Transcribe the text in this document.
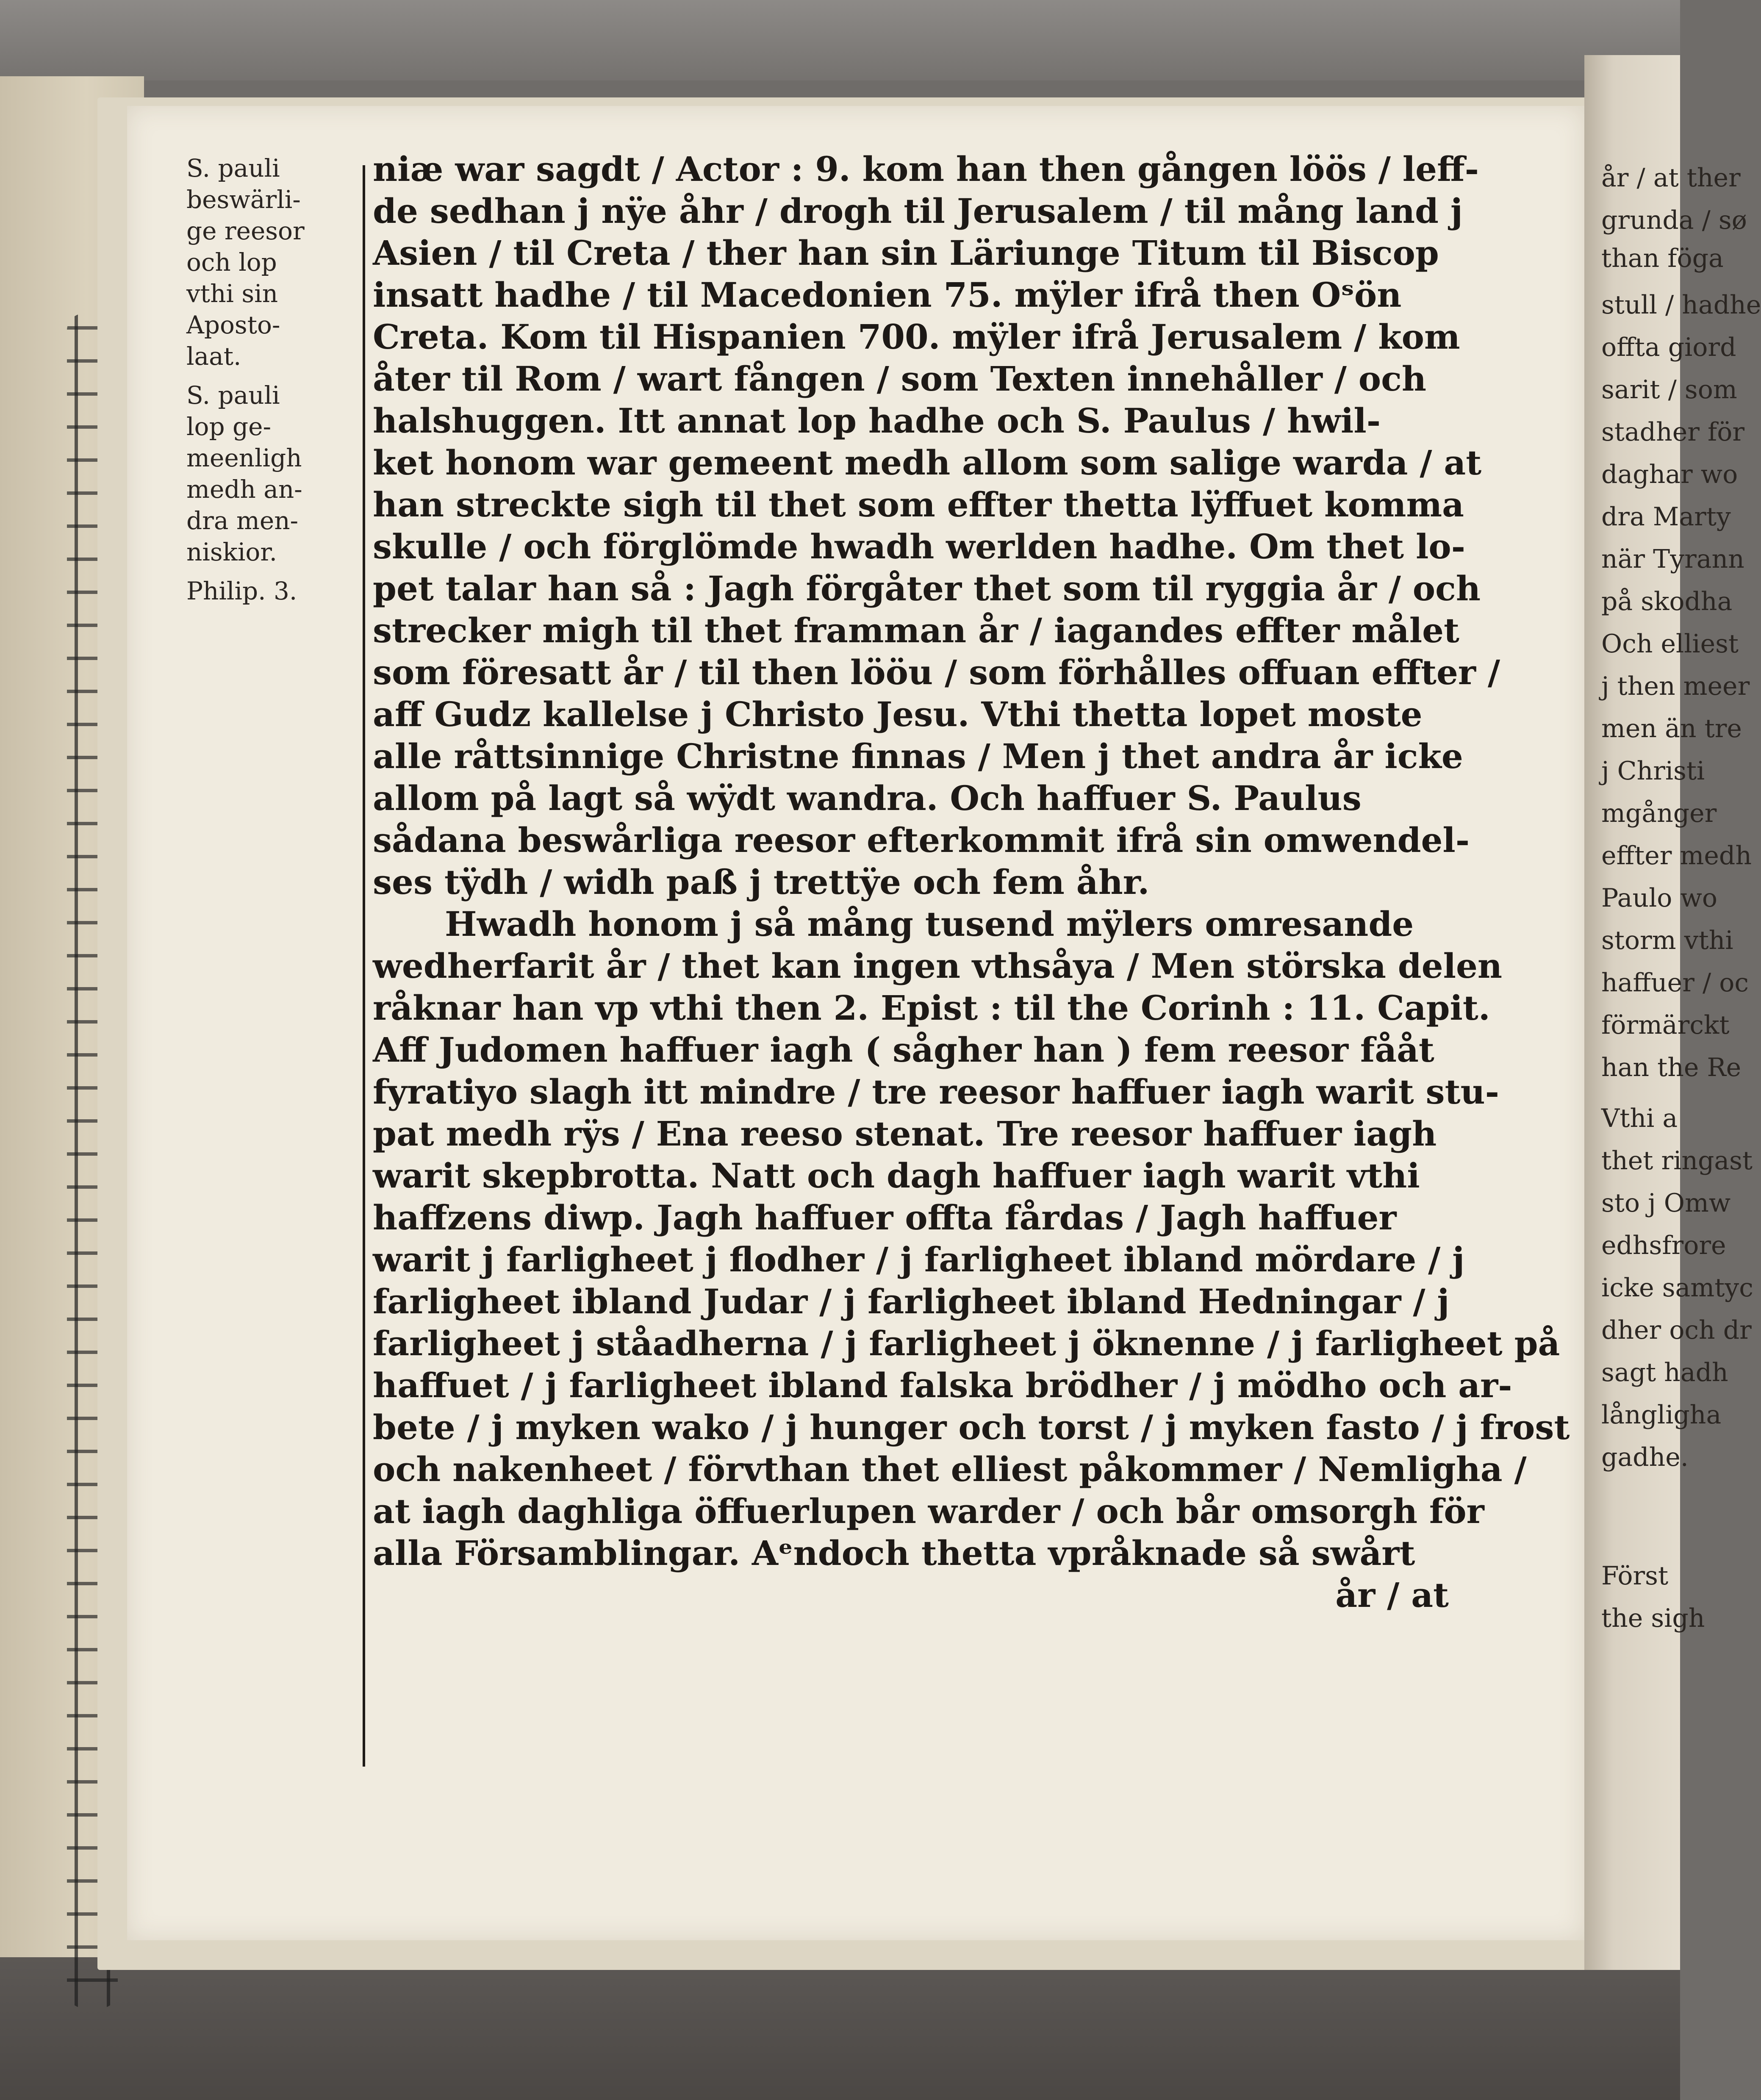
år / at ther
grunda / sø
than föga
stull / hadhe
offta giord
sarit / som
stadher för
daghar wo
dra Marty
när Tyrann
på skodha
Och elliest
j then meer
men än tre
j Christi
mgånger
effter medh
Paulo wo
storm vthi
haffuer / oc
förmärckt
han the Re
Vthi a
thet ringast
sto j Omw
edhsfrore
icke samtyc
dher och dr
sagt hadh
långligha
gadhe.
Först
the sigh
S. pauli
beswärli-
ge reesor
och lop
vthi sin
Aposto-
laat.
S. pauli
lop ge-
meenligh
medh an-
dra men-
niskior.
Philip. 3.
niæ war sagdt / Actor : 9. kom han then gången löös / leff-
de sedhan j nÿe åhr / drogh til Jerusalem / til mång land j
Asien / til Creta / ther han sin Läriunge Titum til Biscop
insatt hadhe / til Macedonien 75. mÿler ifrå then Oˢön
Creta. Kom til Hispanien 700. mÿler ifrå Jerusalem / kom
åter til Rom / wart fången / som Texten innehåller / och
halshuggen. Itt annat lop hadhe och S. Paulus / hwil-
ket honom war gemeent medh allom som salige warda / at
han streckte sigh til thet som effter thetta lÿffuet komma
skulle / och förglömde hwadh werlden hadhe. Om thet lo-
pet talar han så : Jagh förgåter thet som til ryggia år / och
strecker migh til thet framman år / iagandes effter målet
som föresatt år / til then lööu / som förhålles offuan effter /
aff Gudz kallelse j Christo Jesu. Vthi thetta lopet moste
alle råttsinnige Christne finnas / Men j thet andra år icke
allom på lagt så wÿdt wandra. Och haffuer S. Paulus
sådana beswårliga reesor efterkommit ifrå sin omwendel-
ses tÿdh / widh paß j trettÿe och fem åhr.
Hwadh honom j så mång tusend mÿlers omresande
wedherfarit år / thet kan ingen vthsåya / Men störska delen
råknar han vp vthi then 2. Epist : til the Corinh : 11. Capit.
Aff Judomen haffuer iagh ( sågher han ) fem reesor fååt
fyratiyo slagh itt mindre / tre reesor haffuer iagh warit stu-
pat medh rÿs / Ena reeso stenat. Tre reesor haffuer iagh
warit skepbrotta. Natt och dagh haffuer iagh warit vthi
haffzens diwp. Jagh haffuer offta fårdas / Jagh haffuer
warit j farligheet j flodher / j farligheet ibland mördare / j
farligheet ibland Judar / j farligheet ibland Hedningar / j
farligheet j ståadherna / j farligheet j öknenne / j farligheet på
haffuet / j farligheet ibland falska brödher / j mödho och ar-
bete / j myken wako / j hunger och torst / j myken fasto / j frost
och nakenheet / förvthan thet elliest påkommer / Nemligha /
at iagh daghliga öffuerlupen warder / och bår omsorgh för
alla Församblingar. Aᵉndoch thetta vpråknade så swårt
år / at
